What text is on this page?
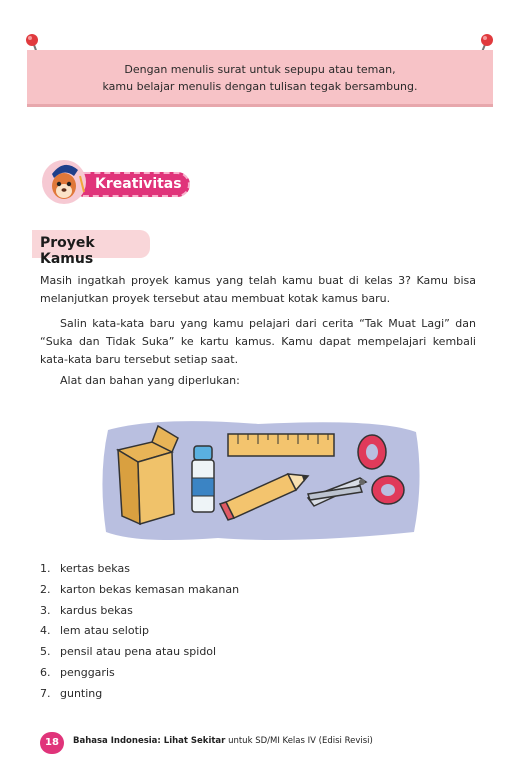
Dengan menulis surat untuk sepupu atau teman,
kamu belajar menulis dengan tulisan tegak bersambung.

Kreativitas
Proyek Kamus

Masih ingatkah proyek kamus yang telah kamu buat di kelas 3? Kamu bisa melanjutkan proyek tersebut atau membuat kotak kamus baru.

Salin kata-kata baru yang kamu pelajari dari cerita “Tak Muat Lagi” dan “Suka dan Tidak Suka” ke kartu kamus. Kamu dapat mempelajari kembali kata-kata baru tersebut setiap saat.

Alat dan bahan yang diperlukan:

1. kertas bekas
2. karton bekas kemasan makanan
3. kardus bekas
4. lem atau selotip
5. pensil atau pena atau spidol
6. penggaris
7. gunting
18	Bahasa Indonesia: Lihat Sekitar untuk SD/MI Kelas IV (Edisi Revisi)
